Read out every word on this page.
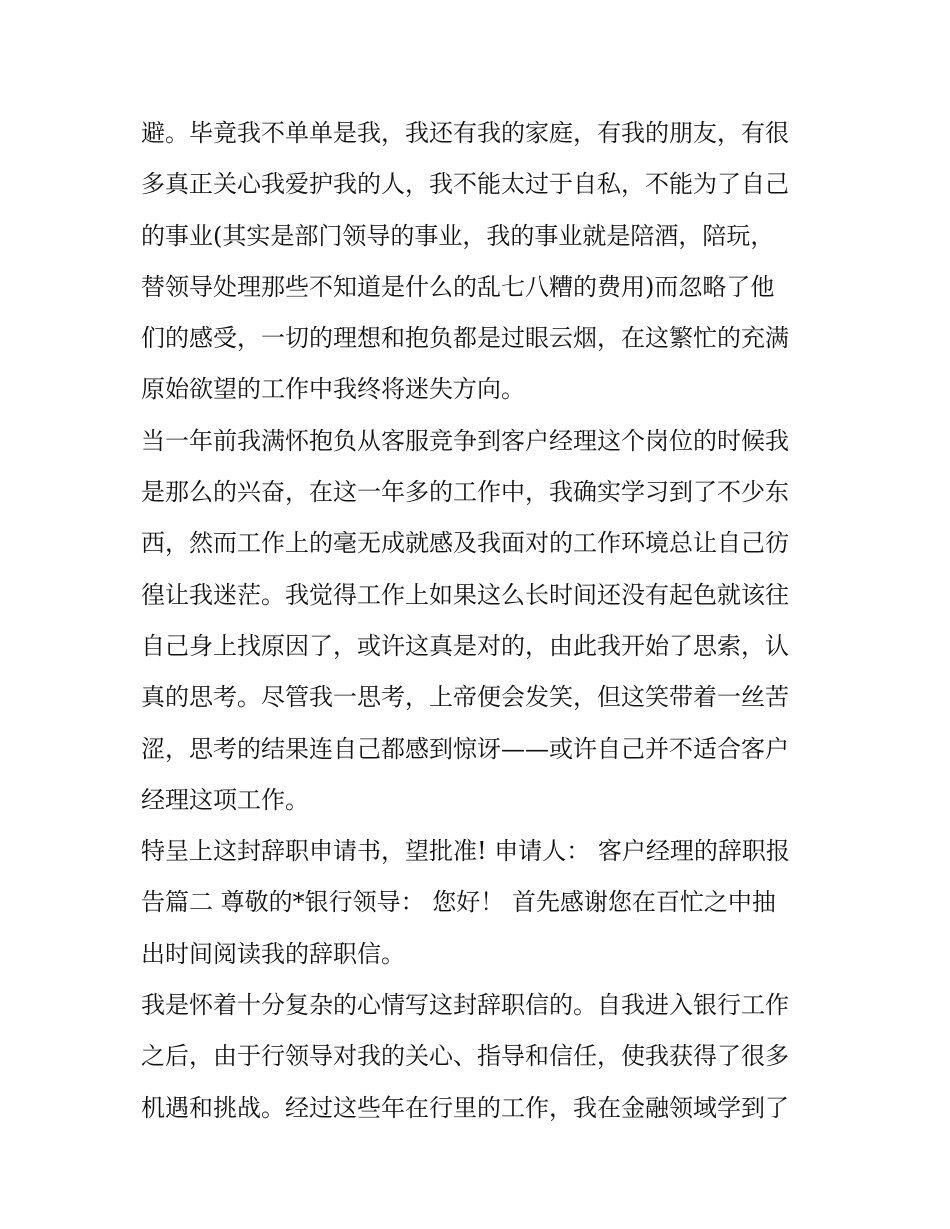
避。毕竟我不单单是我，我还有我的家庭，有我的朋友，有很
多真正关心我爱护我的人，我不能太过于自私，不能为了自己
的事业(其实是部门领导的事业，我的事业就是陪酒，陪玩，
替领导处理那些不知道是什么的乱七八糟的费用)而忽略了他
们的感受，一切的理想和抱负都是过眼云烟，在这繁忙的充满
原始欲望的工作中我终将迷失方向。
当一年前我满怀抱负从客服竞争到客户经理这个岗位的时候我
是那么的兴奋，在这一年多的工作中，我确实学习到了不少东
西，然而工作上的毫无成就感及我面对的工作环境总让自己彷
徨让我迷茫。我觉得工作上如果这么长时间还没有起色就该往
自己身上找原因了，或许这真是对的，由此我开始了思索，认
真的思考。尽管我一思考，上帝便会发笑，但这笑带着一丝苦
涩，思考的结果连自己都感到惊讶——或许自己并不适合客户
经理这项工作。
特呈上这封辞职申请书，望批准! 申请人： 客户经理的辞职报
告篇二 尊敬的*银行领导： 您好！ 首先感谢您在百忙之中抽
出时间阅读我的辞职信。
我是怀着十分复杂的心情写这封辞职信的。自我进入银行工作
之后，由于行领导对我的关心、指导和信任，使我获得了很多
机遇和挑战。经过这些年在行里的工作，我在金融领域学到了
